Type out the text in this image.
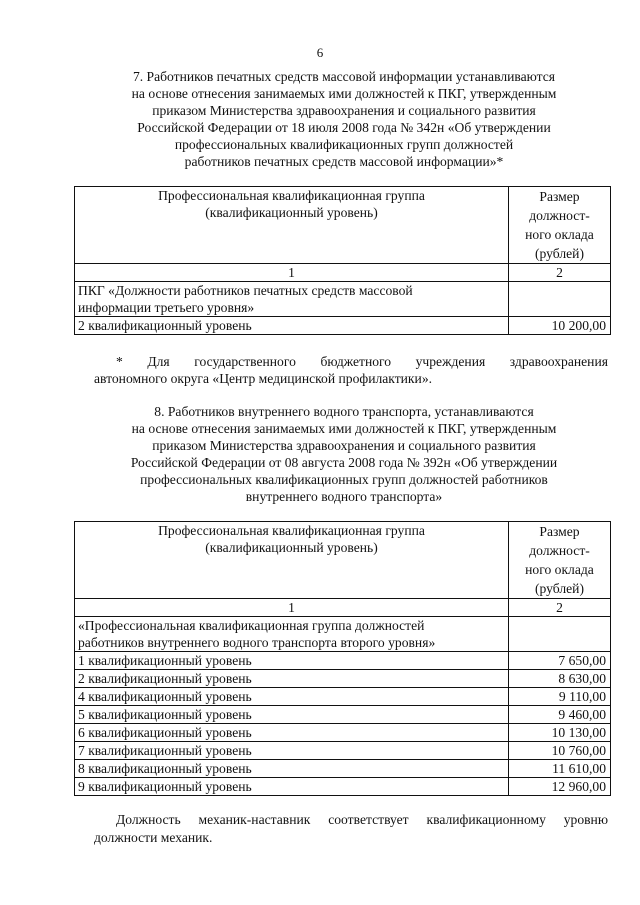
6
7. Работников печатных средств массовой информации устанавливаются
на основе отнесения занимаемых ими должностей к ПКГ, утвержденным
приказом Министерства здравоохранения и социального развития
Российской Федерации от 18 июля 2008 года № 342н «Об утверждении
профессиональных квалификационных групп должностей
работников печатных средств массовой информации»*
Профессиональная квалификационная группа
(квалификационный уровень)	Размер
должност-
ного оклада
(рублей)
1	2
ПКГ «Должности работников печатных средств массовой
информации третьего уровня»	
2 квалификационный уровень	10 200,00
* Для государственного бюджетного учреждения здравоохранения
автономного округа «Центр медицинской профилактики».
8. Работников внутреннего водного транспорта, устанавливаются
на основе отнесения занимаемых ими должностей к ПКГ, утвержденным
приказом Министерства здравоохранения и социального развития
Российской Федерации от 08 августа 2008 года № 392н «Об утверждении
профессиональных квалификационных групп должностей работников
внутреннего водного транспорта»
Профессиональная квалификационная группа
(квалификационный уровень)	Размер
должност-
ного оклада
(рублей)
1	2
«Профессиональная квалификационная группа должностей
работников внутреннего водного транспорта второго уровня»	
1 квалификационный уровень	7 650,00
2 квалификационный уровень	8 630,00
4 квалификационный уровень	9 110,00
5 квалификационный уровень	9 460,00
6 квалификационный уровень	10 130,00
7 квалификационный уровень	10 760,00
8 квалификационный уровень	11 610,00
9 квалификационный уровень	12 960,00
Должность механик-наставник соответствует квалификационному уровню
должности механик.
